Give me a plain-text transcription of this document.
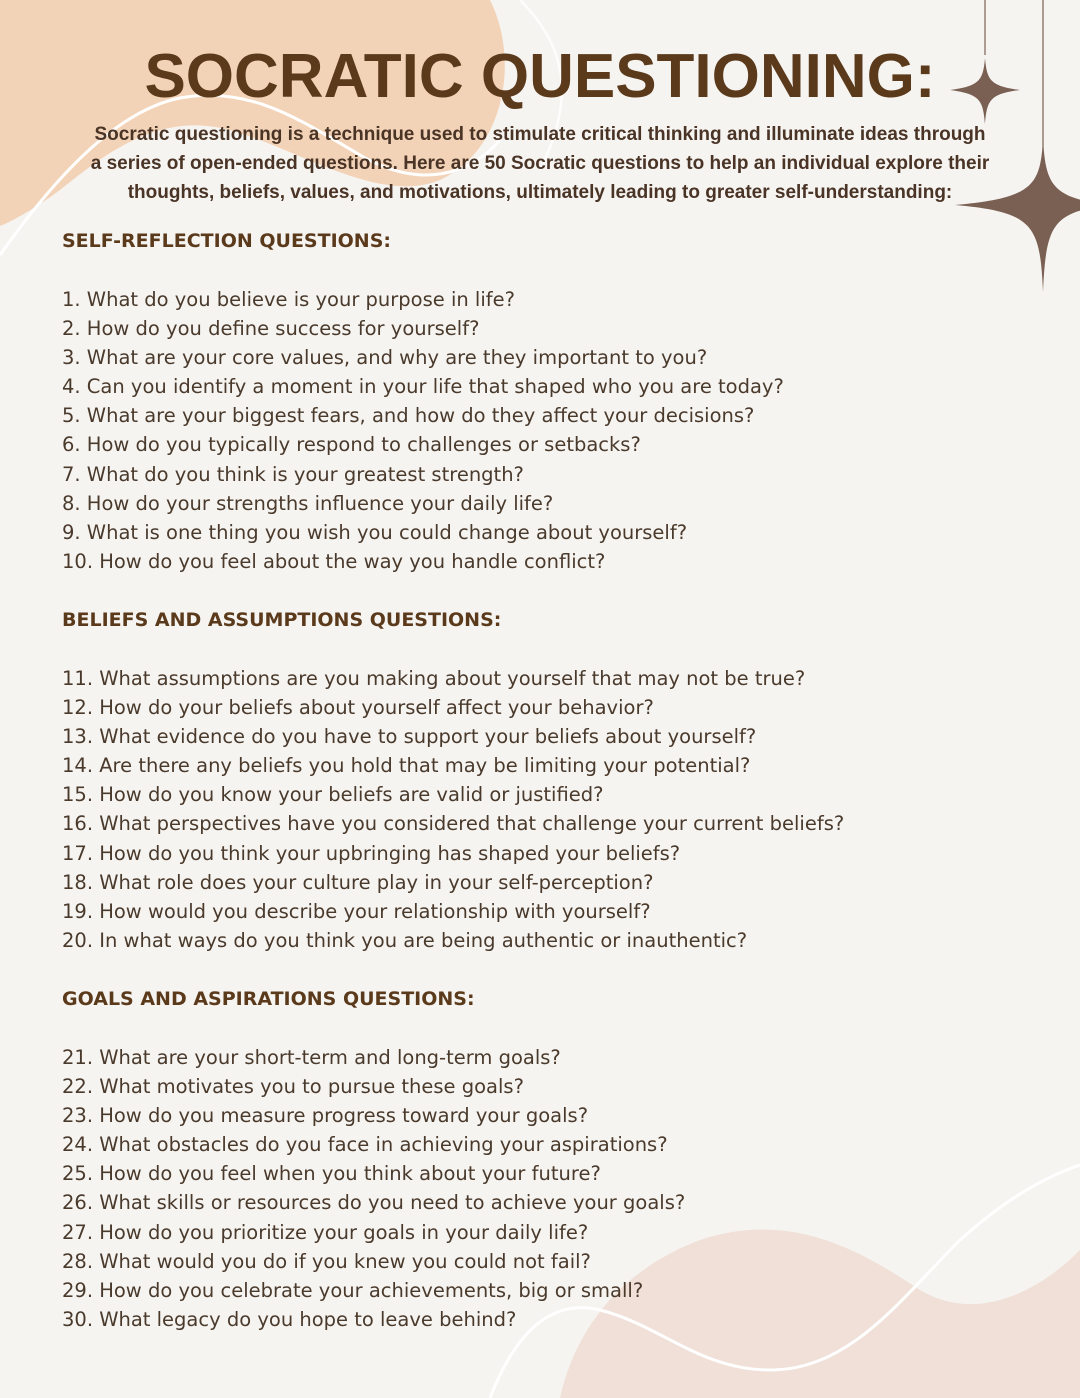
SOCRATIC QUESTIONING:

Socratic questioning is a technique used to stimulate critical thinking and illuminate ideas through a series of open-ended questions. Here are 50 Socratic questions to help an individual explore their thoughts, beliefs, values, and motivations, ultimately leading to greater self-understanding:

SELF-REFLECTION QUESTIONS:
1. What do you believe is your purpose in life?
2. How do you define success for yourself?
3. What are your core values, and why are they important to you?
4. Can you identify a moment in your life that shaped who you are today?
5. What are your biggest fears, and how do they affect your decisions?
6. How do you typically respond to challenges or setbacks?
7. What do you think is your greatest strength?
8. How do your strengths influence your daily life?
9. What is one thing you wish you could change about yourself?
10. How do you feel about the way you handle conflict?
BELIEFS AND ASSUMPTIONS QUESTIONS:
11. What assumptions are you making about yourself that may not be true?
12. How do your beliefs about yourself affect your behavior?
13. What evidence do you have to support your beliefs about yourself?
14. Are there any beliefs you hold that may be limiting your potential?
15. How do you know your beliefs are valid or justified?
16. What perspectives have you considered that challenge your current beliefs?
17. How do you think your upbringing has shaped your beliefs?
18. What role does your culture play in your self-perception?
19. How would you describe your relationship with yourself?
20. In what ways do you think you are being authentic or inauthentic?
GOALS AND ASPIRATIONS QUESTIONS:
21. What are your short-term and long-term goals?
22. What motivates you to pursue these goals?
23. How do you measure progress toward your goals?
24. What obstacles do you face in achieving your aspirations?
25. How do you feel when you think about your future?
26. What skills or resources do you need to achieve your goals?
27. How do you prioritize your goals in your daily life?
28. What would you do if you knew you could not fail?
29. How do you celebrate your achievements, big or small?
30. What legacy do you hope to leave behind?
